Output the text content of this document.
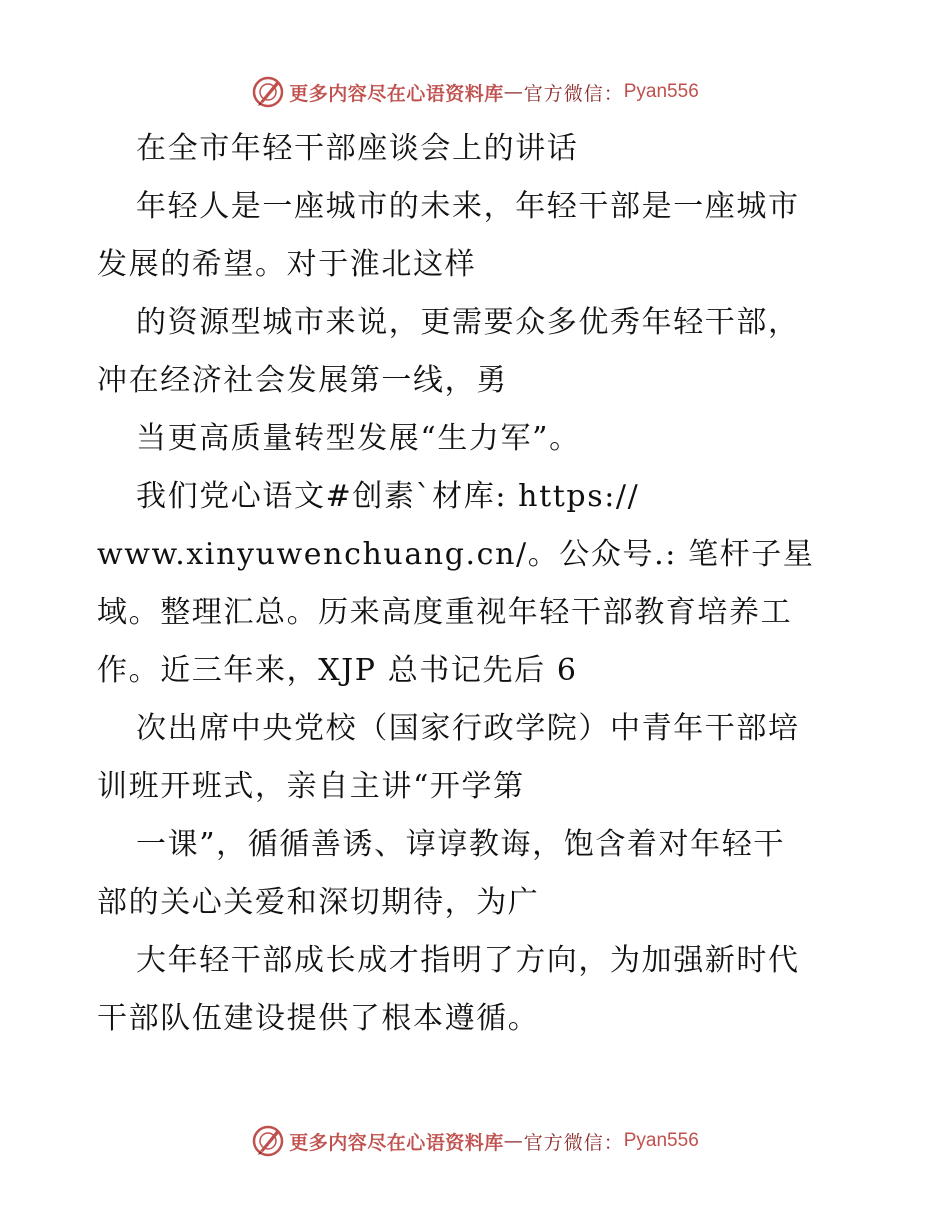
更多内容尽在心语资料库 — 官方微信： Pyan556
在全市年轻干部座谈会上的讲话
年轻人是一座城市的未来，年轻干部是一座城市
发展的希望。对于淮北这样
的资源型城市来说，更需要众多优秀年轻干部，
冲在经济社会发展第一线，勇
当更高质量转型发展“生力军”。
我们党心语文#创素`材库: https://
www.xinyuwenchuang.cn/。公众号.: 笔杆子星
域。整理汇总。历来高度重视年轻干部教育培养工
作。近三年来，XJP 总书记先后 6
次出席中央党校（国家行政学院）中青年干部培
训班开班式，亲自主讲“开学第
一课”，循循善诱、谆谆教诲，饱含着对年轻干
部的关心关爱和深切期待，为广
大年轻干部成长成才指明了方向，为加强新时代
干部队伍建设提供了根本遵循。
更多内容尽在心语资料库 — 官方微信： Pyan556
